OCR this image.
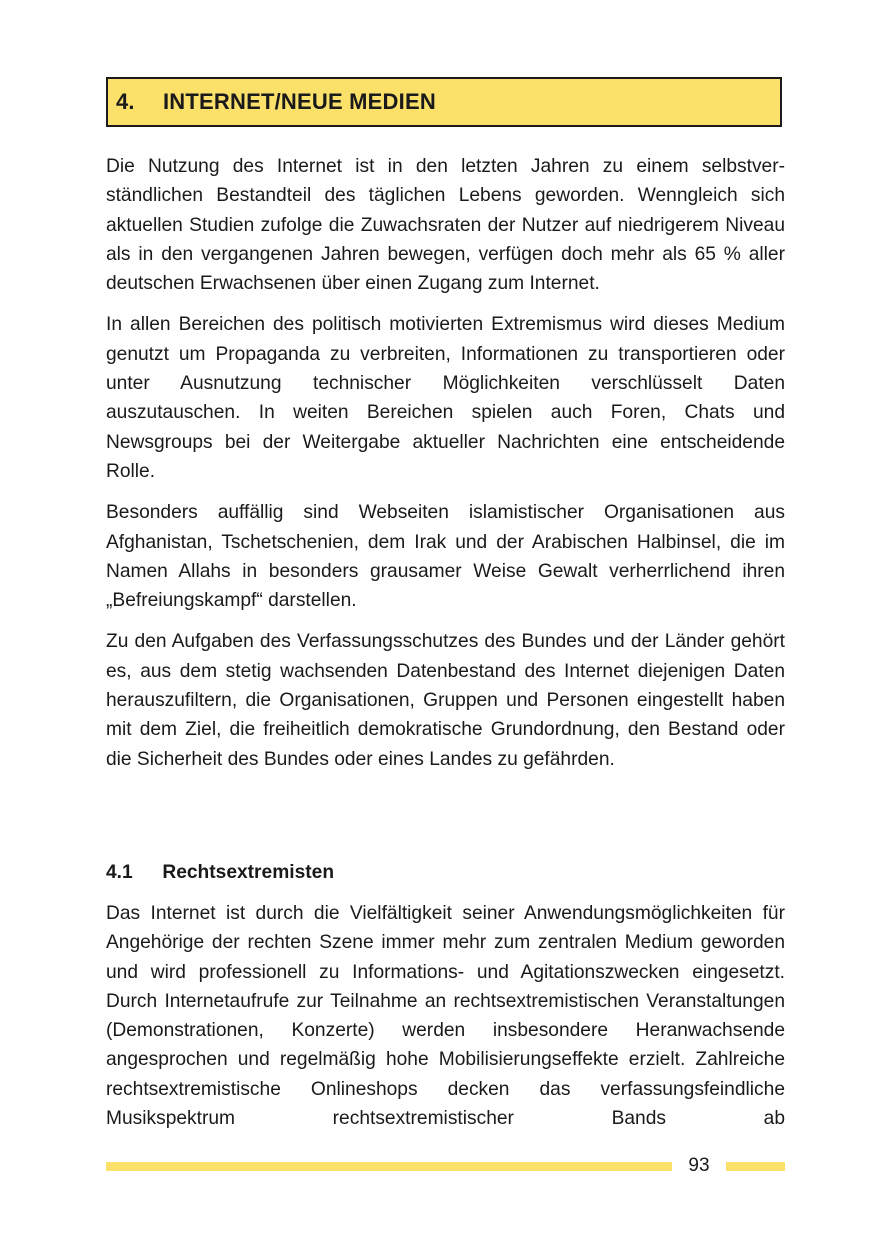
4.	INTERNET/NEUE MEDIEN

Die Nutzung des Internet ist in den letzten Jahren zu einem selbstverständlichen Bestandteil des täglichen Lebens geworden. Wenngleich sich aktuellen Studien zufolge die Zuwachsraten der Nutzer auf niedrigerem Niveau als in den vergangenen Jahren bewegen, verfügen doch mehr als 65 % aller deutschen Erwachsenen über einen Zugang zum Internet.

In allen Bereichen des politisch motivierten Extremismus wird dieses Medium genutzt um Propaganda zu verbreiten, Informationen zu transportieren oder unter Ausnutzung technischer Möglichkeiten verschlüsselt Daten auszutauschen. In weiten Bereichen spielen auch Foren, Chats und Newsgroups bei der Weitergabe aktueller Nachrichten eine entscheidende Rolle.

Besonders auffällig sind Webseiten islamistischer Organisationen aus Afghanistan, Tschetschenien, dem Irak und der Arabischen Halbinsel, die im Namen Allahs in besonders grausamer Weise Gewalt verherrlichend ihren „Befreiungskampf“ darstellen.

Zu den Aufgaben des Verfassungsschutzes des Bundes und der Länder gehört es, aus dem stetig wachsenden Datenbestand des Internet diejenigen Daten herauszufiltern, die Organisationen, Gruppen und Personen eingestellt haben mit dem Ziel, die freiheitlich demokratische Grundordnung, den Bestand oder die Sicherheit des Bundes oder eines Landes zu gefährden.

4.1 Rechtsextremisten

Das Internet ist durch die Vielfältigkeit seiner Anwendungsmöglichkeiten für Angehörige der rechten Szene immer mehr zum zentralen Medium geworden und wird professionell zu Informations- und Agitationszwecken eingesetzt. Durch Internetaufrufe zur Teilnahme an rechtsextremistischen Veranstaltungen (Demonstrationen, Konzerte) werden insbesondere Heranwachsende angesprochen und regelmäßig hohe Mobilisierungseffekte erzielt. Zahlreiche rechtsextremistische Onlineshops decken das verfassungsfeindliche Musikspektrum rechtsextremistischer Bands ab

93
